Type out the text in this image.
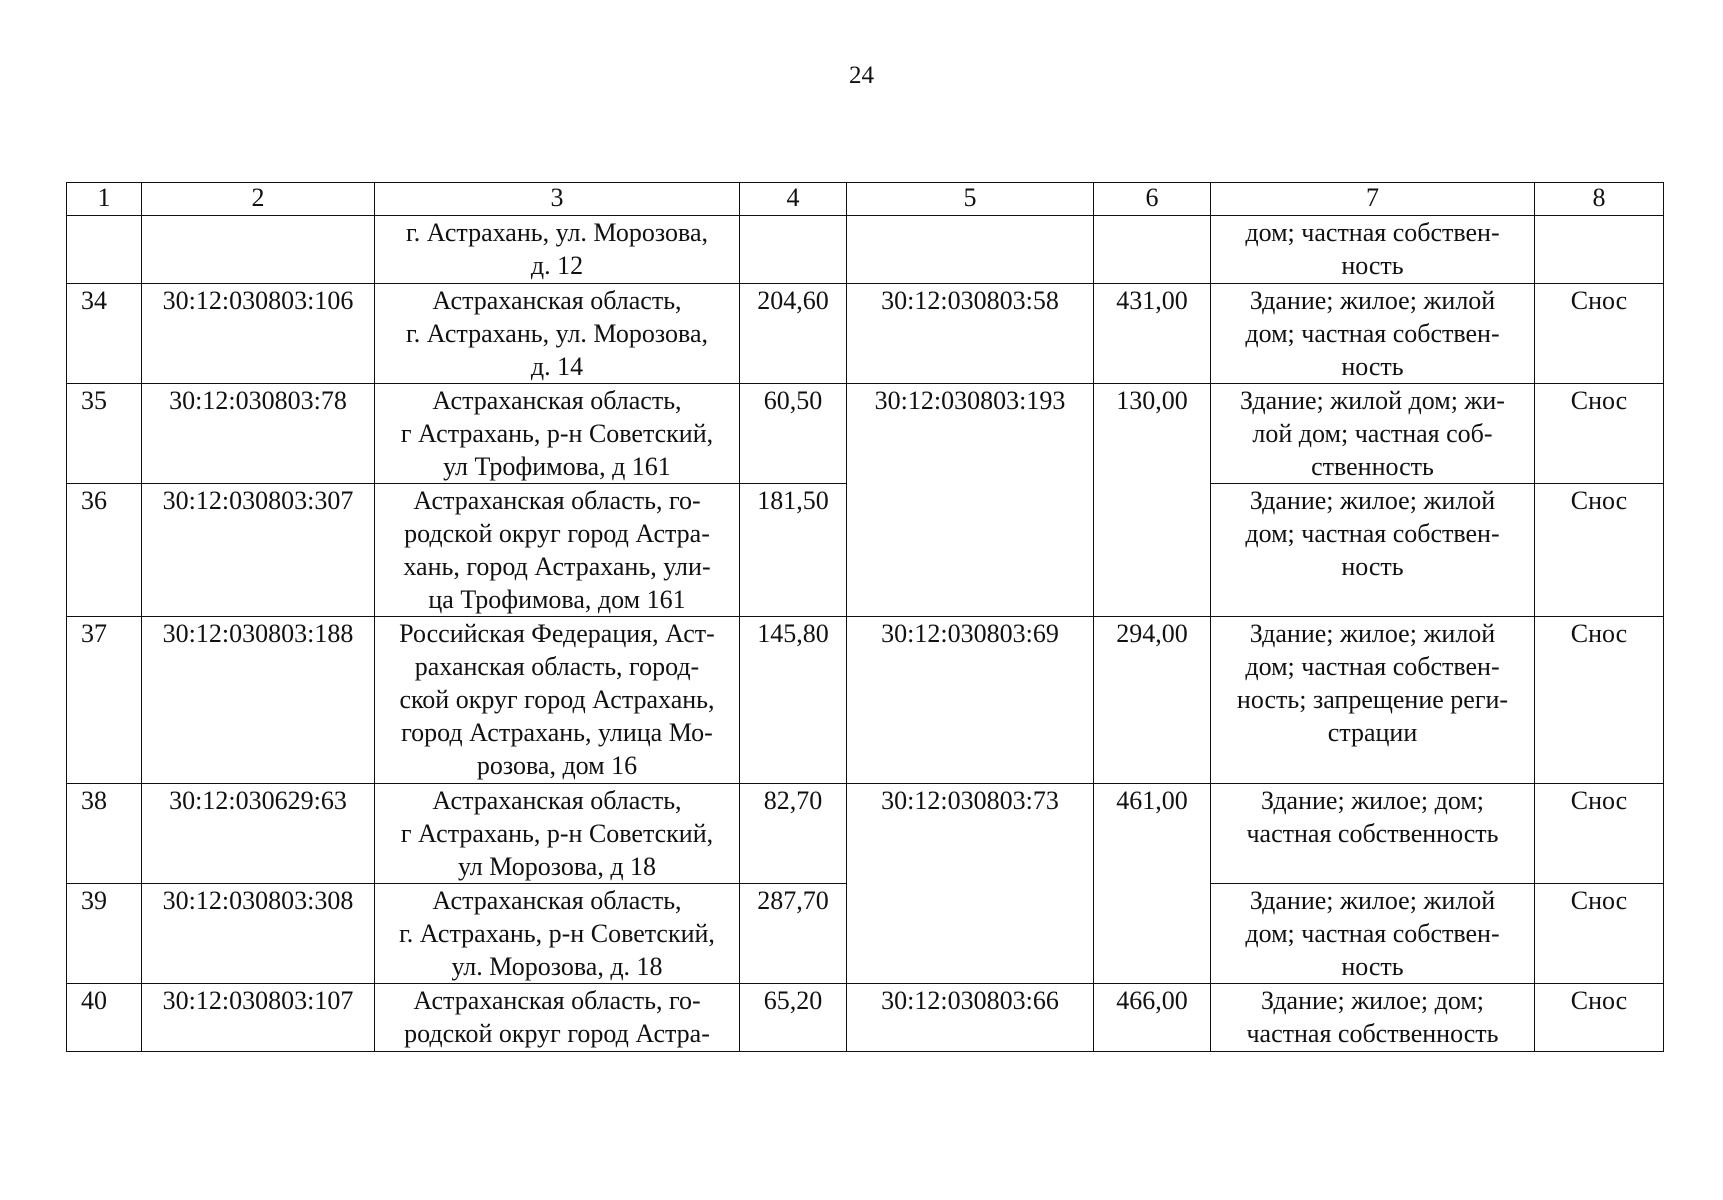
24
1	2	3	4	5	6	7	8

		г. Астрахань, ул. Морозова,
д. 12				дом; частная собствен-
ность	

34	30:12:030803:106	Астраханская область,
г. Астрахань, ул. Морозова,
д. 14	204,60	30:12:030803:58	431,00	Здание; жилое; жилой
дом; частная собствен-
ность	Снос
35	30:12:030803:78	Астраханская область,
г Астрахань, р-н Советский,
ул Трофимова, д 161	60,50	30:12:030803:193	130,00	Здание; жилой дом; жи-
лой дом; частная соб-
ственность	Снос
36	30:12:030803:307	Астраханская область, го-
родской округ город Астра-
хань, город Астрахань, ули-
ца Трофимова, дом 161	181,50			Здание; жилое; жилой
дом; частная собствен-
ность	Снос
37	30:12:030803:188	Российская Федерация, Аст-
раханская область, город-
ской округ город Астрахань,
город Астрахань, улица Мо-
розова, дом 16	145,80	30:12:030803:69	294,00	Здание; жилое; жилой
дом; частная собствен-
ность; запрещение реги-
страции	Снос
38	30:12:030629:63	Астраханская область,
г Астрахань, р-н Советский,
ул Морозова, д 18	82,70	30:12:030803:73	461,00	Здание; жилое; дом;
частная собственность	Снос
39	30:12:030803:308	Астраханская область,
г. Астрахань, р-н Советский,
ул. Морозова, д. 18	287,70			Здание; жилое; жилой
дом; частная собствен-
ность	Снос
40	30:12:030803:107	Астраханская область, го-
родской округ город Астра-	65,20	30:12:030803:66	466,00	Здание; жилое; дом;
частная собственность	Снос
